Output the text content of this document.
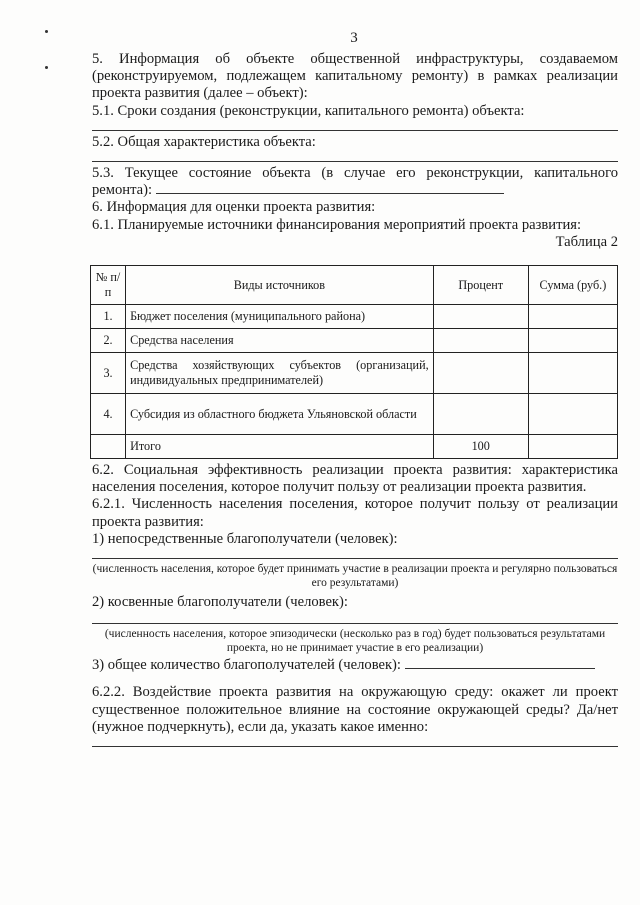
3

5. Информация об объекте общественной инфраструктуры, создаваемом (реконструируемом, подлежащем капитальному ремонту) в рамках реализации проекта развития (далее – объект):

5.1. Сроки создания (реконструкции, капитального ремонта) объекта:

5.2. Общая характеристика объекта:

5.3. Текущее состояние объекта (в случае его реконструкции, капитального ремонта):

6. Информация для оценки проекта развития:

6.1. Планируемые источники финансирования мероприятий проекта развития:

Таблица 2

№ п/п	Виды источников	Процент	Сумма (руб.)
1.	Бюджет поселения (муниципального района)		
2.	Средства населения		
3.	Средства хозяйствующих субъектов (организаций, индивидуальных предпринимателей)		
4.	Субсидия из областного бюджета Ульяновской области		
	Итого	100	

6.2. Социальная эффективность реализации проекта развития: характеристика населения поселения, которое получит пользу от реализации проекта развития.

6.2.1. Численность населения поселения, которое получит пользу от реализации проекта развития:

1) непосредственные благополучатели (человек):

(численность населения, которое будет принимать участие в реализации проекта и регулярно пользоваться его результатами)

2) косвенные благополучатели (человек):

(численность населения, которое эпизодически (несколько раз в год) будет пользоваться результатами проекта, но не принимает участие в его реализации)

3) общее количество благополучателей (человек):

6.2.2. Воздействие проекта развития на окружающую среду: окажет ли проект существенное положительное влияние на состояние окружающей среды? Да/нет (нужное подчеркнуть), если да, указать какое именно:
